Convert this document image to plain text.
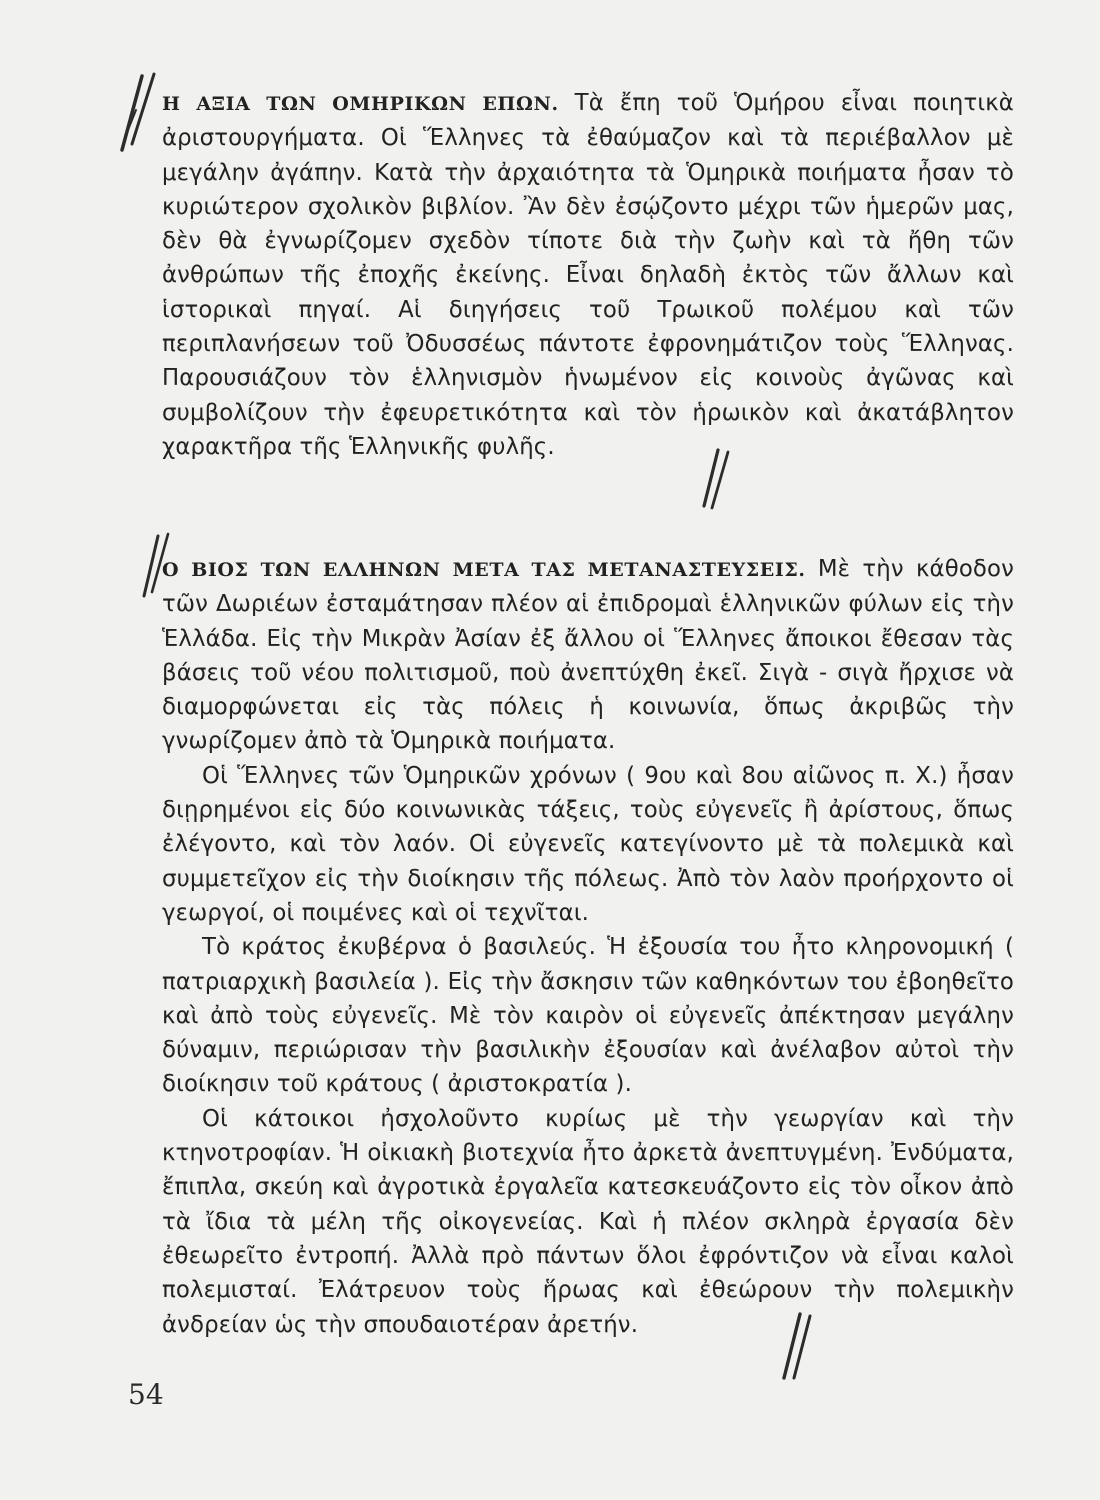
Η ΑΞΙΑ ΤΩΝ ΟΜΗΡΙΚΩΝ ΕΠΩΝ. Τὰ ἔπη τοῦ Ὁμήρου εἶναι ποιητικὰ ἀριστουργήματα. Οἱ Ἕλληνες τὰ ἐθαύμαζον καὶ τὰ περιέβαλλον μὲ μεγάλην ἀγάπην. Κατὰ τὴν ἀρχαιότητα τὰ Ὁμηρικὰ ποιήματα ἦσαν τὸ κυριώτερον σχολικὸν βιβλίον. Ἂν δὲν ἐσῴζοντο μέχρι τῶν ἡμερῶν μας, δὲν θὰ ἐγνωρίζομεν σχεδὸν τίποτε διὰ τὴν ζωὴν καὶ τὰ ἤθη τῶν ἀνθρώπων τῆς ἐποχῆς ἐκείνης. Εἶναι δηλαδὴ ἐκτὸς τῶν ἄλλων καὶ ἱστορικαὶ πηγαί. Αἱ διηγήσεις τοῦ Τρωικοῦ πολέμου καὶ τῶν περιπλανήσεων τοῦ Ὀδυσσέως πάντοτε ἐφρονημάτιζον τοὺς Ἕλληνας. Παρουσιάζουν τὸν ἑλληνισμὸν ἡνωμένον εἰς κοινοὺς ἀγῶνας καὶ συμβολίζουν τὴν ἐφευρετικότητα καὶ τὸν ἡρωικὸν καὶ ἀκατάβλητον χαρακτῆρα τῆς Ἑλληνικῆς φυλῆς.

Ο ΒΙΟΣ ΤΩΝ ΕΛΛΗΝΩΝ ΜΕΤΑ ΤΑΣ ΜΕΤΑΝΑΣΤΕΥΣΕΙΣ. Μὲ τὴν κάθοδον τῶν Δωριέων ἐσταμάτησαν πλέον αἱ ἐπιδρομαὶ ἑλληνικῶν φύλων εἰς τὴν Ἑλλάδα. Εἰς τὴν Μικρὰν Ἀσίαν ἐξ ἄλλου οἱ Ἕλληνες ἄποικοι ἔθεσαν τὰς βάσεις τοῦ νέου πολιτισμοῦ, ποὺ ἀνεπτύχθη ἐκεῖ. Σιγὰ - σιγὰ ἤρχισε νὰ διαμορφώνεται εἰς τὰς πόλεις ἡ κοινωνία, ὅπως ἀκριβῶς τὴν γνωρίζομεν ἀπὸ τὰ Ὁμηρικὰ ποιήματα.

Οἱ Ἕλληνες τῶν Ὁμηρικῶν χρόνων ( 9ου καὶ 8ου αἰῶνος π. Χ.) ἦσαν διῃρημένοι εἰς δύο κοινωνικὰς τάξεις, τοὺς εὐγενεῖς ἢ ἀρίστους, ὅπως ἐλέγοντο, καὶ τὸν λαόν. Οἱ εὐγενεῖς κατεγίνοντο μὲ τὰ πολεμικὰ καὶ συμμετεῖχον εἰς τὴν διοίκησιν τῆς πόλεως. Ἀπὸ τὸν λαὸν προήρχοντο οἱ γεωργοί, οἱ ποιμένες καὶ οἱ τεχνῖται.

Τὸ κράτος ἐκυβέρνα ὁ βασιλεύς. Ἡ ἐξουσία του ἦτο κληρονομική ( πατριαρχικὴ βασιλεία ). Εἰς τὴν ἄσκησιν τῶν καθηκόντων του ἐβοηθεῖτο καὶ ἀπὸ τοὺς εὐγενεῖς. Μὲ τὸν καιρὸν οἱ εὐγενεῖς ἀπέκτησαν μεγάλην δύναμιν, περιώρισαν τὴν βασιλικὴν ἐξουσίαν καὶ ἀνέλαβον αὐτοὶ τὴν διοίκησιν τοῦ κράτους ( ἀριστοκρατία ).

Οἱ κάτοικοι ἠσχολοῦντο κυρίως μὲ τὴν γεωργίαν καὶ τὴν κτηνοτροφίαν. Ἡ οἰκιακὴ βιοτεχνία ἦτο ἀρκετὰ ἀνεπτυγμένη. Ἐνδύματα, ἔπιπλα, σκεύη καὶ ἀγροτικὰ ἐργαλεῖα κατεσκευάζοντο εἰς τὸν οἶκον ἀπὸ τὰ ἴδια τὰ μέλη τῆς οἰκογενείας. Καὶ ἡ πλέον σκληρὰ ἐργασία δὲν ἐθεωρεῖτο ἐντροπή. Ἀλλὰ πρὸ πάντων ὅλοι ἐφρόντιζον νὰ εἶναι καλοὶ πολεμισταί. Ἐλάτρευον τοὺς ἥρωας καὶ ἐθεώρουν τὴν πολεμικὴν ἀνδρείαν ὡς τὴν σπουδαιοτέραν ἀρετήν.

54
